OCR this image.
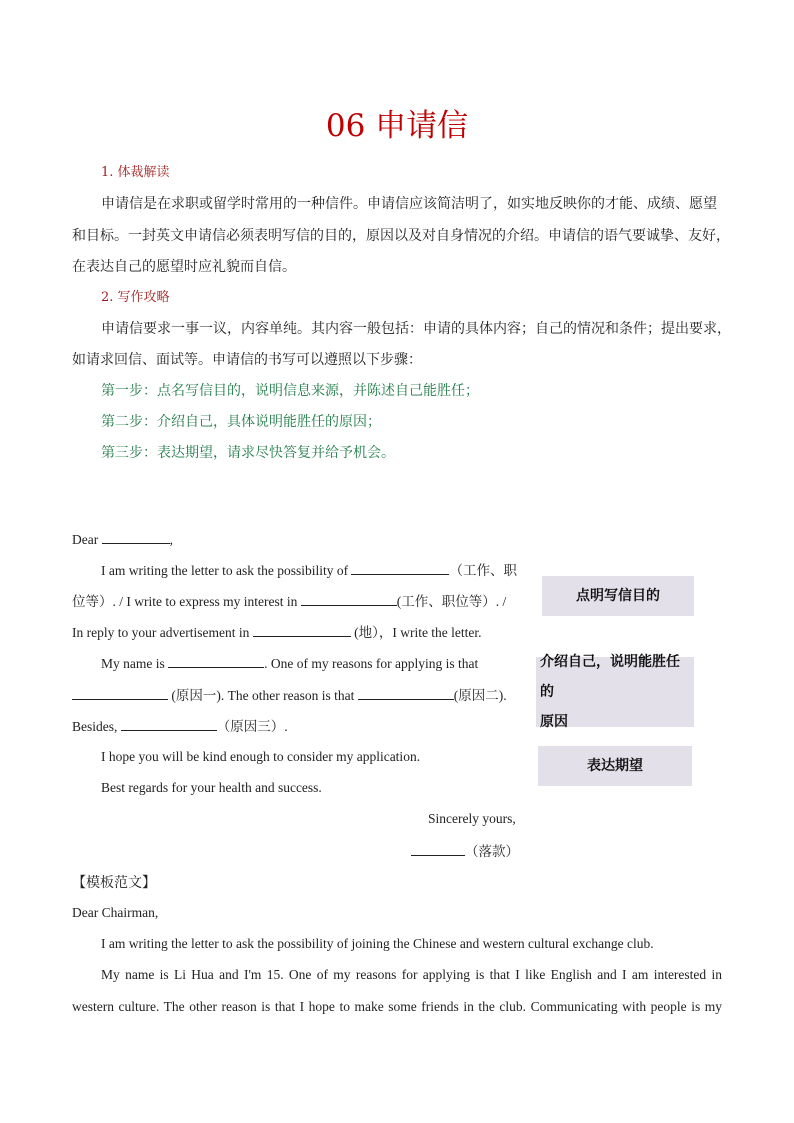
06 申请信
1. 体裁解读
申请信是在求职或留学时常用的一种信件。申请信应该简洁明了，如实地反映你的才能、成绩、愿望
和目标。一封英文申请信必须表明写信的目的，原因以及对自身情况的介绍。申请信的语气要诚挚、友好，
在表达自己的愿望时应礼貌而自信。
2. 写作攻略
申请信要求一事一议，内容单纯。其内容一般包括：申请的具体内容；自己的情况和条件；提出要求，
如请求回信、面试等。申请信的书写可以遵照以下步骤：
第一步：点名写信目的，说明信息来源，并陈述自己能胜任；
第二步：介绍自己，具体说明能胜任的原因；
第三步：表达期望，请求尽快答复并给予机会。
Dear	,
I am writing the letter to ask the possibility of	（工作、职
位等）. / I write to express my interest in	(工作、职位等）. /
In reply to your advertisement in	(地），I write the letter.
My name is	. One of my reasons for applying is that
(原因一). The other reason is that	(原因二).
Besides,	（原因三）.
I hope you will be kind enough to consider my application.
Best regards for your health and success.
Sincerely yours,
（落款）
点明写信目的
介绍自己，说明能胜任的
原因
表达期望
【模板范文】
Dear Chairman,
I am writing the letter to ask the possibility of joining the Chinese and western cultural exchange club.
My name is Li Hua and I'm 15. One of my reasons for applying is that I like English and I am interested in
western culture. The other reason is that I hope to make some friends in the club. Communicating with people is my
